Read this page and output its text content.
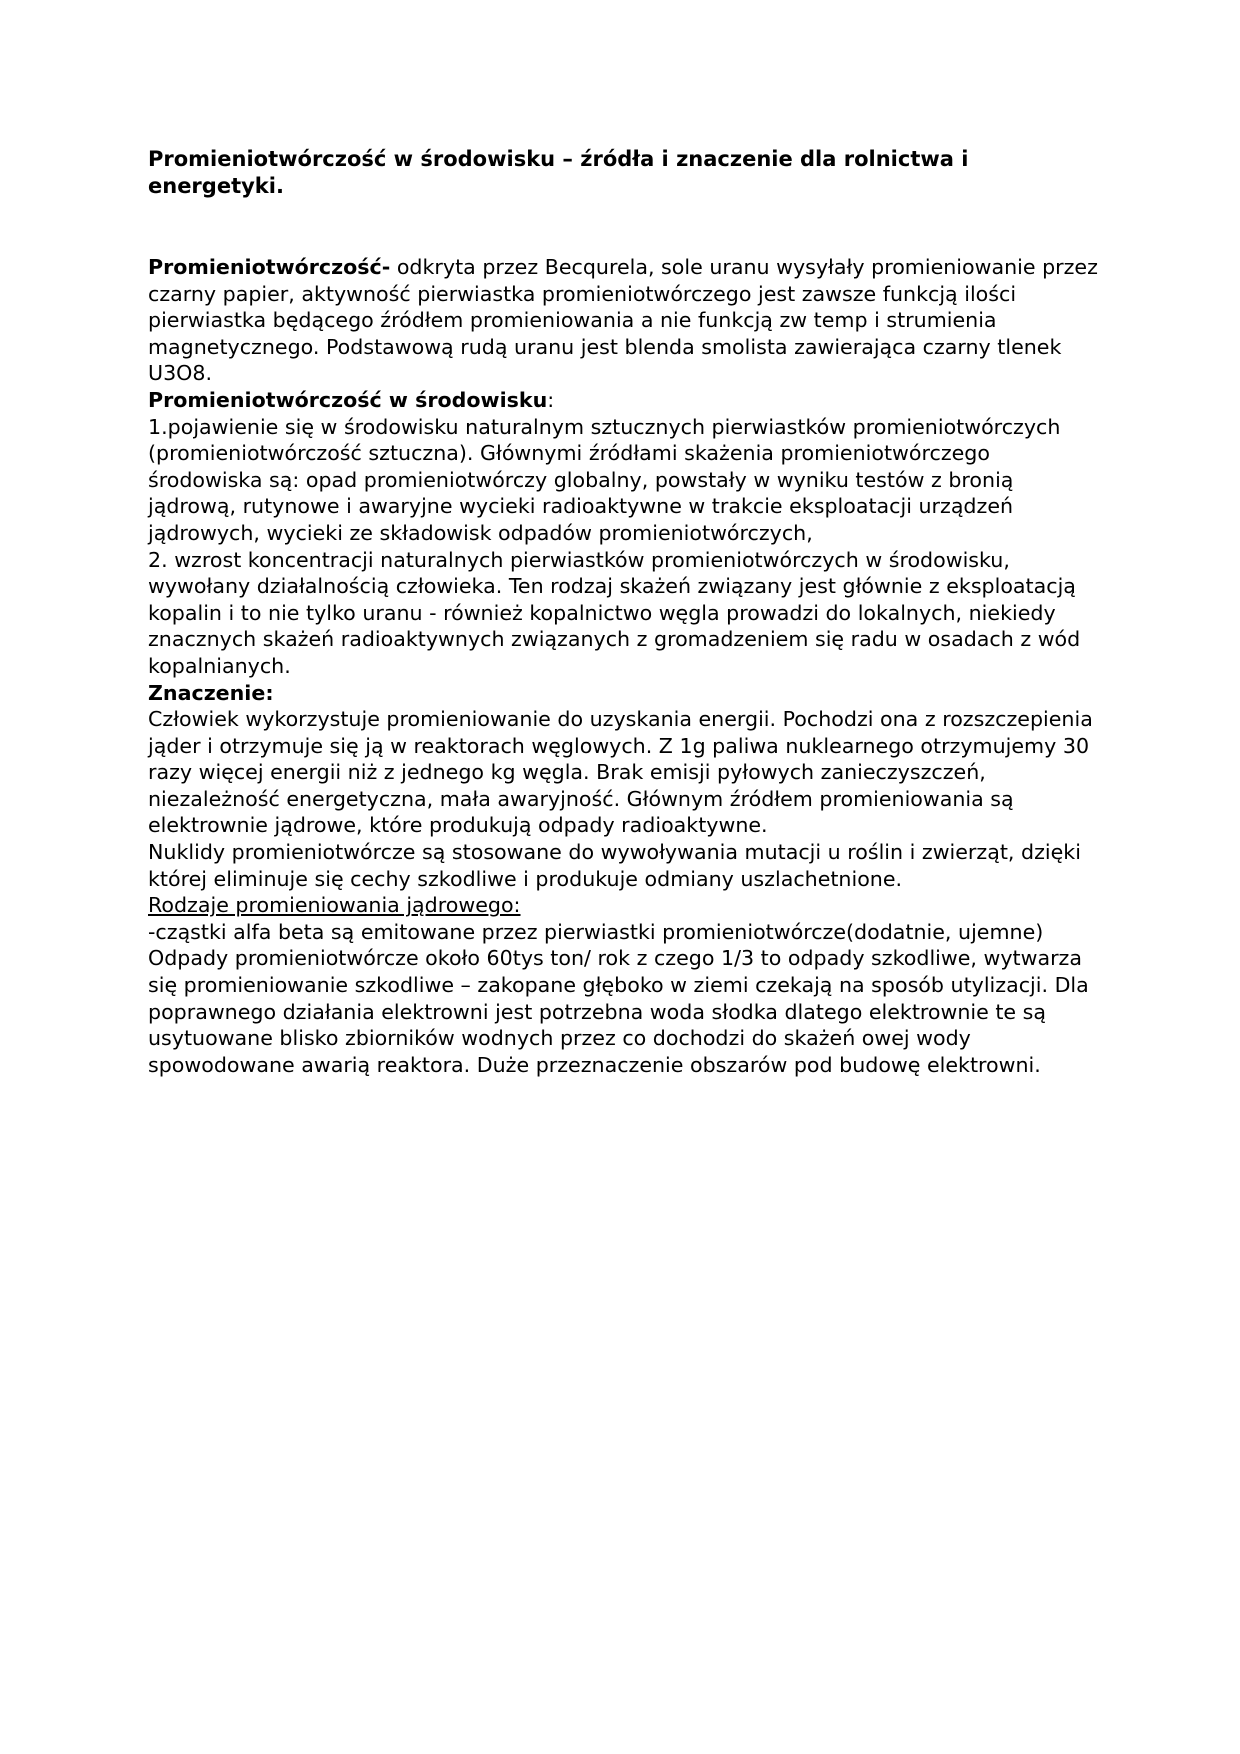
Promieniotwórczość w środowisku – źródła i znaczenie dla rolnictwa i energetyki.

Promieniotwórczość- odkryta przez Becqurela, sole uranu wysyłały promieniowanie przez czarny papier, aktywność pierwiastka promieniotwórczego jest zawsze funkcją ilości pierwiastka będącego źródłem promieniowania a nie funkcją zw temp i strumienia magnetycznego. Podstawową rudą uranu jest blenda smolista zawierająca czarny tlenek U3O8.

Promieniotwórczość w środowisku:

1.pojawienie się w środowisku naturalnym sztucznych pierwiastków promieniotwórczych (promieniotwórczość sztuczna). Głównymi źródłami skażenia promieniotwórczego środowiska są: opad promieniotwórczy globalny, powstały w wyniku testów z bronią jądrową, rutynowe i awaryjne wycieki radioaktywne w trakcie eksploatacji urządzeń jądrowych, wycieki ze składowisk odpadów promieniotwórczych,

2. wzrost koncentracji naturalnych pierwiastków promieniotwórczych w środowisku, wywołany działalnością człowieka. Ten rodzaj skażeń związany jest głównie z eksploatacją kopalin i to nie tylko uranu - również kopalnictwo węgla prowadzi do lokalnych, niekiedy znacznych skażeń radioaktywnych związanych z gromadzeniem się radu w osadach z wód kopalnianych.

Znaczenie:

Człowiek wykorzystuje promieniowanie do uzyskania energii. Pochodzi ona z rozszczepienia jąder i otrzymuje się ją w reaktorach węglowych. Z 1g paliwa nuklearnego otrzymujemy 30 razy więcej energii niż z jednego kg węgla. Brak emisji pyłowych zanieczyszczeń, niezależność energetyczna, mała awaryjność. Głównym źródłem promieniowania są elektrownie jądrowe, które produkują odpady radioaktywne.

Nuklidy promieniotwórcze są stosowane do wywoływania mutacji u roślin i zwierząt, dzięki której eliminuje się cechy szkodliwe i produkuje odmiany uszlachetnione.

Rodzaje promieniowania jądrowego:

-cząstki alfa beta są emitowane przez pierwiastki promieniotwórcze(dodatnie, ujemne)

Odpady promieniotwórcze około 60tys ton/ rok z czego 1/3 to odpady szkodliwe, wytwarza się promieniowanie szkodliwe – zakopane głęboko w ziemi czekają na sposób utylizacji. Dla poprawnego działania elektrowni jest potrzebna woda słodka dlatego elektrownie te są usytuowane blisko zbiorników wodnych przez co dochodzi do skażeń owej wody spowodowane awarią reaktora. Duże przeznaczenie obszarów pod budowę elektrowni.
